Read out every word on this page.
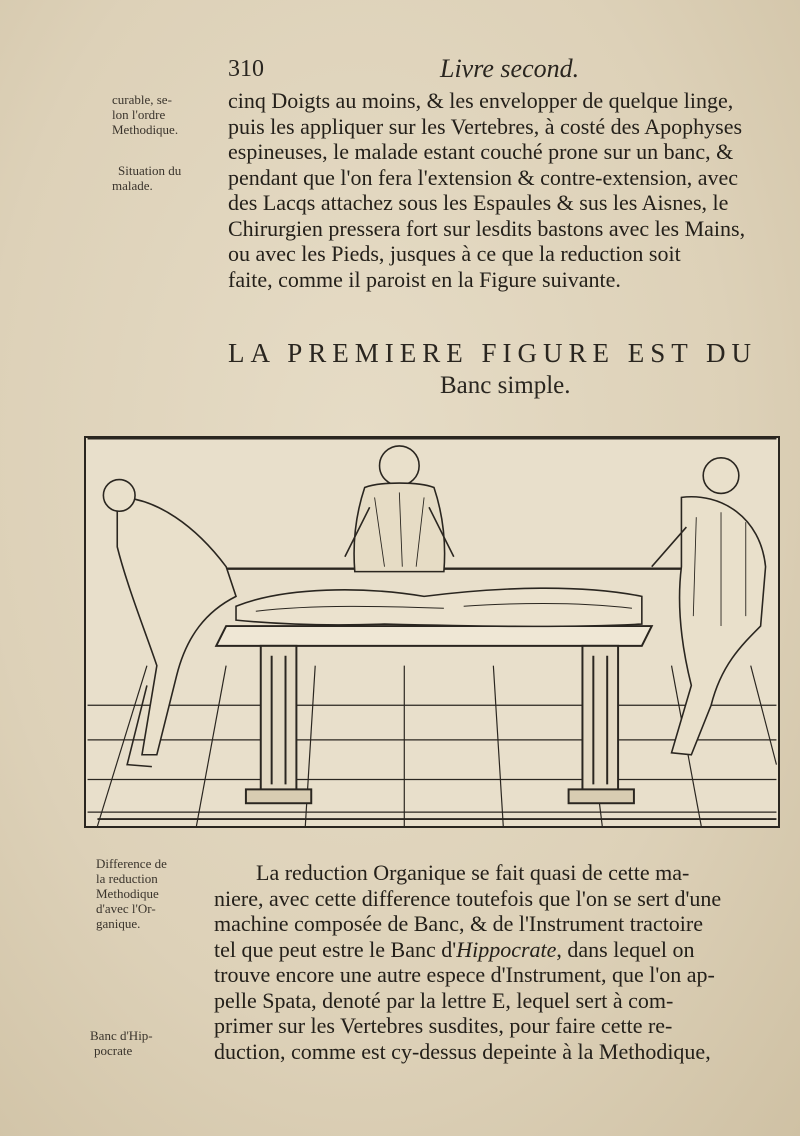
310	Livre second.
curable, se-
lon l'ordre
Methodique.
Situation du
malade.
Difference de
la reduction
Methodique
d'avec l'Or-
ganique.
Banc d'Hip-
pocrate
cinq Doigts au moins, & les envelopper de quelque linge,
puis les appliquer sur les Vertebres, à costé des Apophyses
espineuses, le malade estant couché prone sur un banc, &
pendant que l'on fera l'extension & contre-extension, avec
des Lacqs attachez sous les Espaules & sus les Aisnes, le
Chirurgien pressera fort sur lesdits bastons avec les Mains,
ou avec les Pieds, jusques à ce que la reduction soit
faite, comme il paroist en la Figure suivante.
LA PREMIERE FIGURE EST DU
Banc simple.
La reduction Organique se fait quasi de cette ma-
niere, avec cette difference toutefois que l'on se sert d'une
machine composée de Banc, & de l'Instrument tractoire
tel que peut estre le Banc d'Hippocrate, dans lequel on
trouve encore une autre espece d'Instrument, que l'on ap-
pelle Spata, denoté par la lettre E, lequel sert à com-
primer sur les Vertebres susdites, pour faire cette re-
duction, comme est cy-dessus depeinte à la Methodique,
